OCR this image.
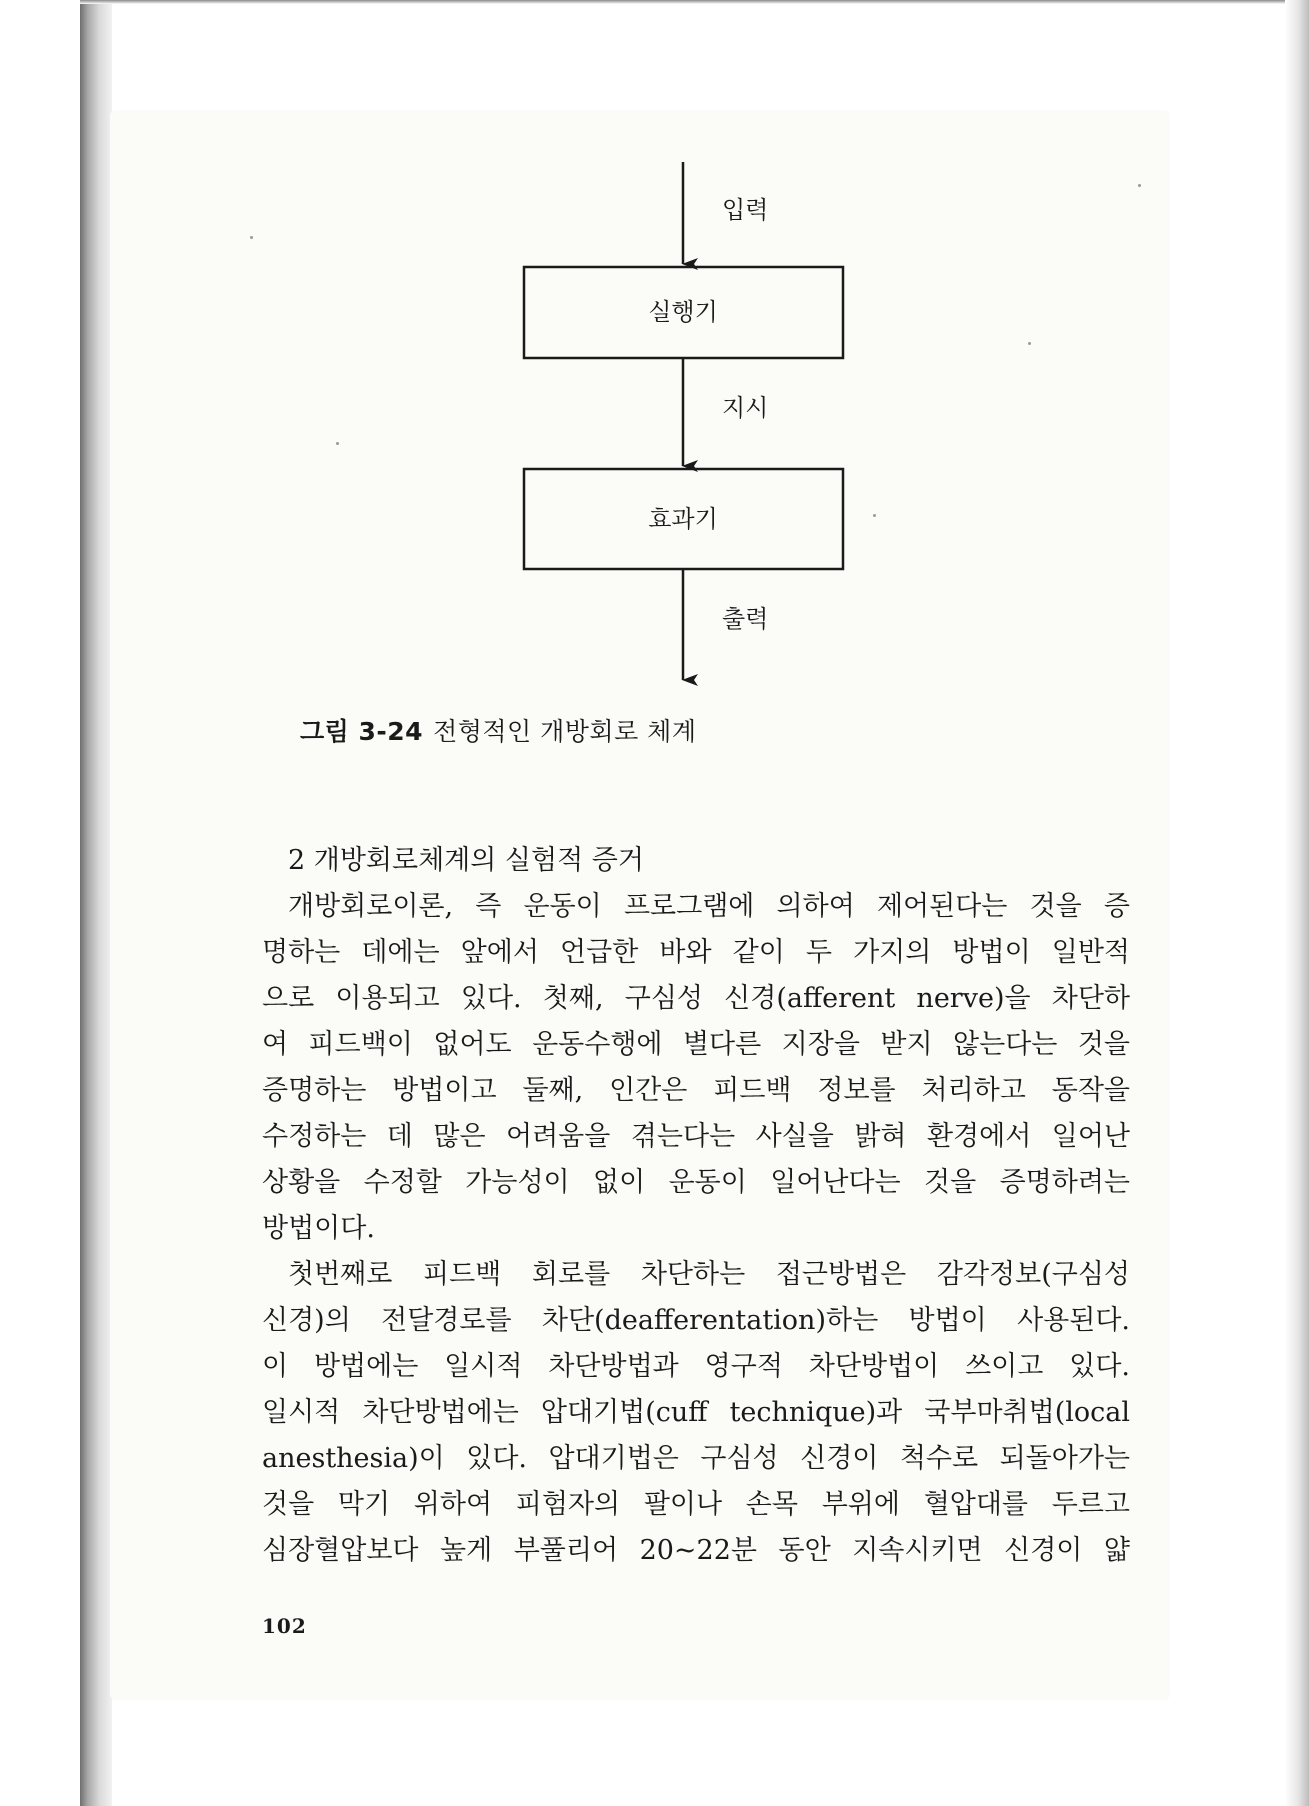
입력
실행기
지시
효과기
출력
그림 3-24 전형적인 개방회로 체계
2 개방회로체계의 실험적 증거
개방회로이론, 즉 운동이 프로그램에 의하여 제어된다는 것을 증
명하는 데에는 앞에서 언급한 바와 같이 두 가지의 방법이 일반적
으로 이용되고 있다. 첫째, 구심성 신경(afferent nerve)을 차단하
여 피드백이 없어도 운동수행에 별다른 지장을 받지 않는다는 것을
증명하는 방법이고 둘째, 인간은 피드백 정보를 처리하고 동작을
수정하는 데 많은 어려움을 겪는다는 사실을 밝혀 환경에서 일어난
상황을 수정할 가능성이 없이 운동이 일어난다는 것을 증명하려는
방법이다.
첫번째로 피드백 회로를 차단하는 접근방법은 감각정보(구심성
신경)의 전달경로를 차단(deafferentation)하는 방법이 사용된다.
이 방법에는 일시적 차단방법과 영구적 차단방법이 쓰이고 있다.
일시적 차단방법에는 압대기법(cuff technique)과 국부마취법(local
anesthesia)이 있다. 압대기법은 구심성 신경이 척수로 되돌아가는
것을 막기 위하여 피험자의 팔이나 손목 부위에 혈압대를 두르고
심장혈압보다 높게 부풀리어 20~22분 동안 지속시키면 신경이 얇
102
